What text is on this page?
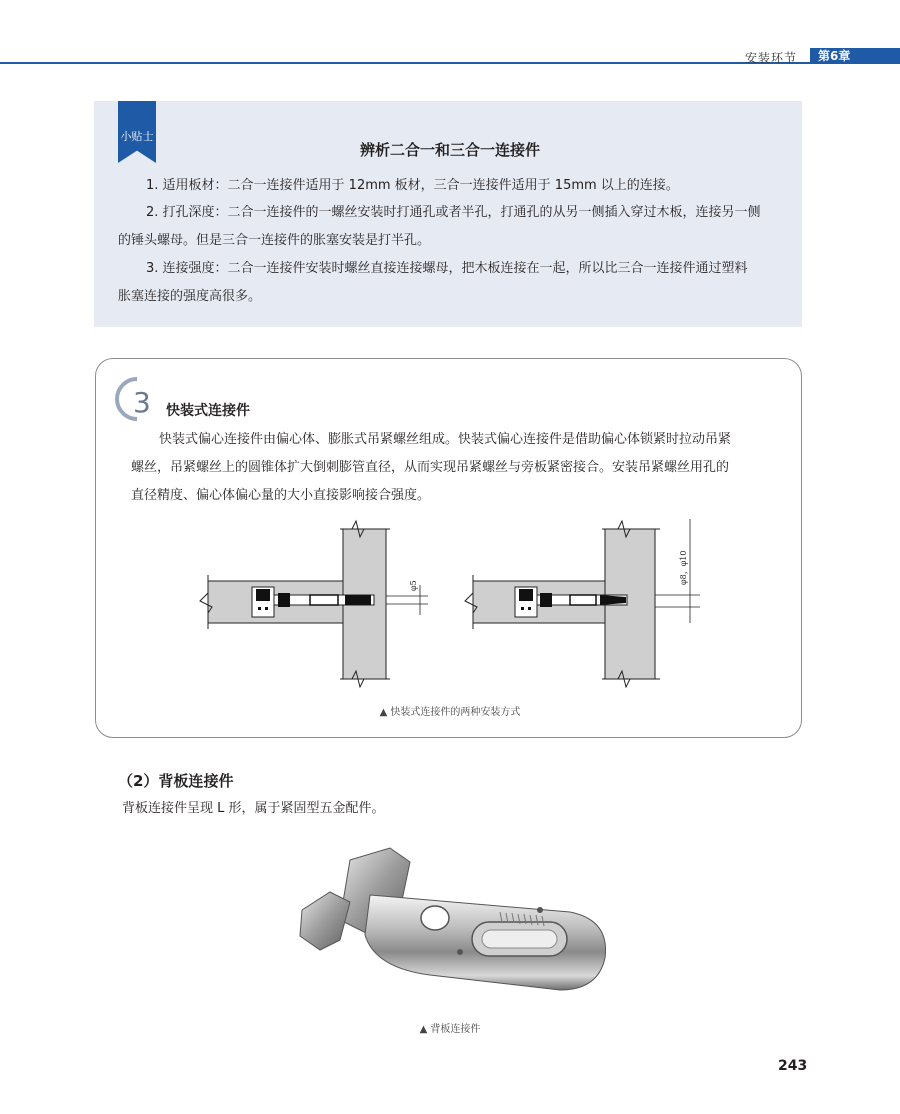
安装环节	第6章
小贴士
辨析二合一和三合一连接件
1. 适用板材：二合一连接件适用于 12mm 板材，三合一连接件适用于 15mm 以上的连接。
2. 打孔深度：二合一连接件的一螺丝安装时打通孔或者半孔，打通孔的从另一侧插入穿过木板，连接另一侧
的锤头螺母。但是三合一连接件的胀塞安装是打半孔。
3. 连接强度：二合一连接件安装时螺丝直接连接螺母，把木板连接在一起，所以比三合一连接件通过塑料
胀塞连接的强度高很多。
3 快装式连接件
快装式偏心连接件由偏心体、膨胀式吊紧螺丝组成。快装式偏心连接件是借助偏心体锁紧时拉动吊紧
螺丝，吊紧螺丝上的圆锥体扩大倒刺膨管直径，从而实现吊紧螺丝与旁板紧密接合。安装吊紧螺丝用孔的
直径精度、偏心体偏心量的大小直接影响接合强度。
φ5
φ8，φ10
▲ 快装式连接件的两种安装方式
（2）背板连接件
背板连接件呈现 L 形，属于紧固型五金配件。
▲ 背板连接件
243
